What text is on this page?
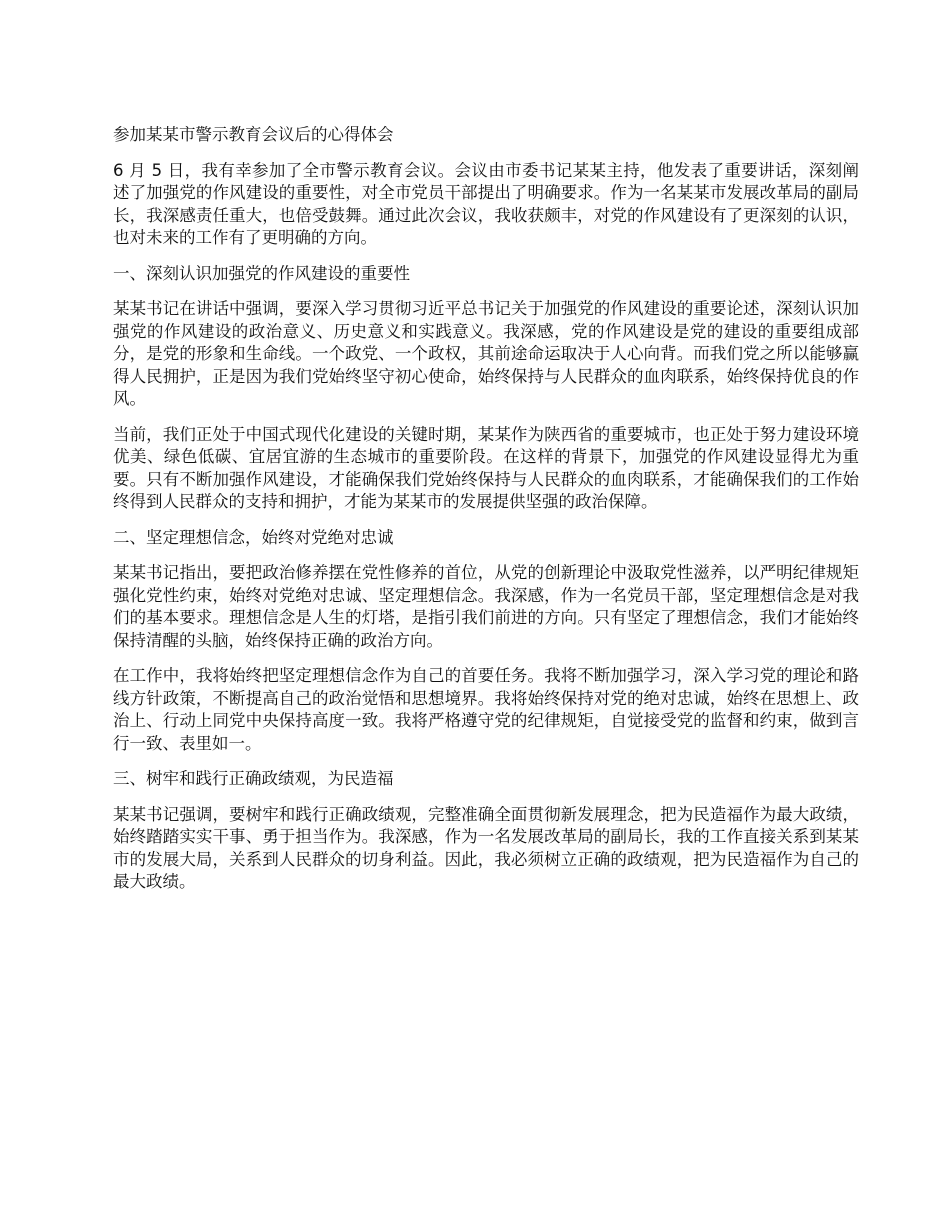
参加某某市警示教育会议后的心得体会

6 月 5 日，我有幸参加了全市警示教育会议。会议由市委书记某某主持，他发表了重要讲话，深刻阐述了加强党的作风建设的重要性，对全市党员干部提出了明确要求。作为一名某某市发展改革局的副局长，我深感责任重大，也倍受鼓舞。通过此次会议，我收获颇丰，对党的作风建设有了更深刻的认识，也对未来的工作有了更明确的方向。

一、深刻认识加强党的作风建设的重要性

某某书记在讲话中强调，要深入学习贯彻习近平总书记关于加强党的作风建设的重要论述，深刻认识加强党的作风建设的政治意义、历史意义和实践意义。我深感，党的作风建设是党的建设的重要组成部分，是党的形象和生命线。一个政党、一个政权，其前途命运取决于人心向背。而我们党之所以能够赢得人民拥护，正是因为我们党始终坚守初心使命，始终保持与人民群众的血肉联系，始终保持优良的作风。

当前，我们正处于中国式现代化建设的关键时期，某某作为陕西省的重要城市，也正处于努力建设环境优美、绿色低碳、宜居宜游的生态城市的重要阶段。在这样的背景下，加强党的作风建设显得尤为重要。只有不断加强作风建设，才能确保我们党始终保持与人民群众的血肉联系，才能确保我们的工作始终得到人民群众的支持和拥护，才能为某某市的发展提供坚强的政治保障。

二、坚定理想信念，始终对党绝对忠诚

某某书记指出，要把政治修养摆在党性修养的首位，从党的创新理论中汲取党性滋养，以严明纪律规矩强化党性约束，始终对党绝对忠诚、坚定理想信念。我深感，作为一名党员干部，坚定理想信念是对我们的基本要求。理想信念是人生的灯塔，是指引我们前进的方向。只有坚定了理想信念，我们才能始终保持清醒的头脑，始终保持正确的政治方向。

在工作中，我将始终把坚定理想信念作为自己的首要任务。我将不断加强学习，深入学习党的理论和路线方针政策，不断提高自己的政治觉悟和思想境界。我将始终保持对党的绝对忠诚，始终在思想上、政治上、行动上同党中央保持高度一致。我将严格遵守党的纪律规矩，自觉接受党的监督和约束，做到言行一致、表里如一。

三、树牢和践行正确政绩观，为民造福

某某书记强调，要树牢和践行正确政绩观，完整准确全面贯彻新发展理念，把为民造福作为最大政绩，始终踏踏实实干事、勇于担当作为。我深感，作为一名发展改革局的副局长，我的工作直接关系到某某市的发展大局，关系到人民群众的切身利益。因此，我必须树立正确的政绩观，把为民造福作为自己的最大政绩。
